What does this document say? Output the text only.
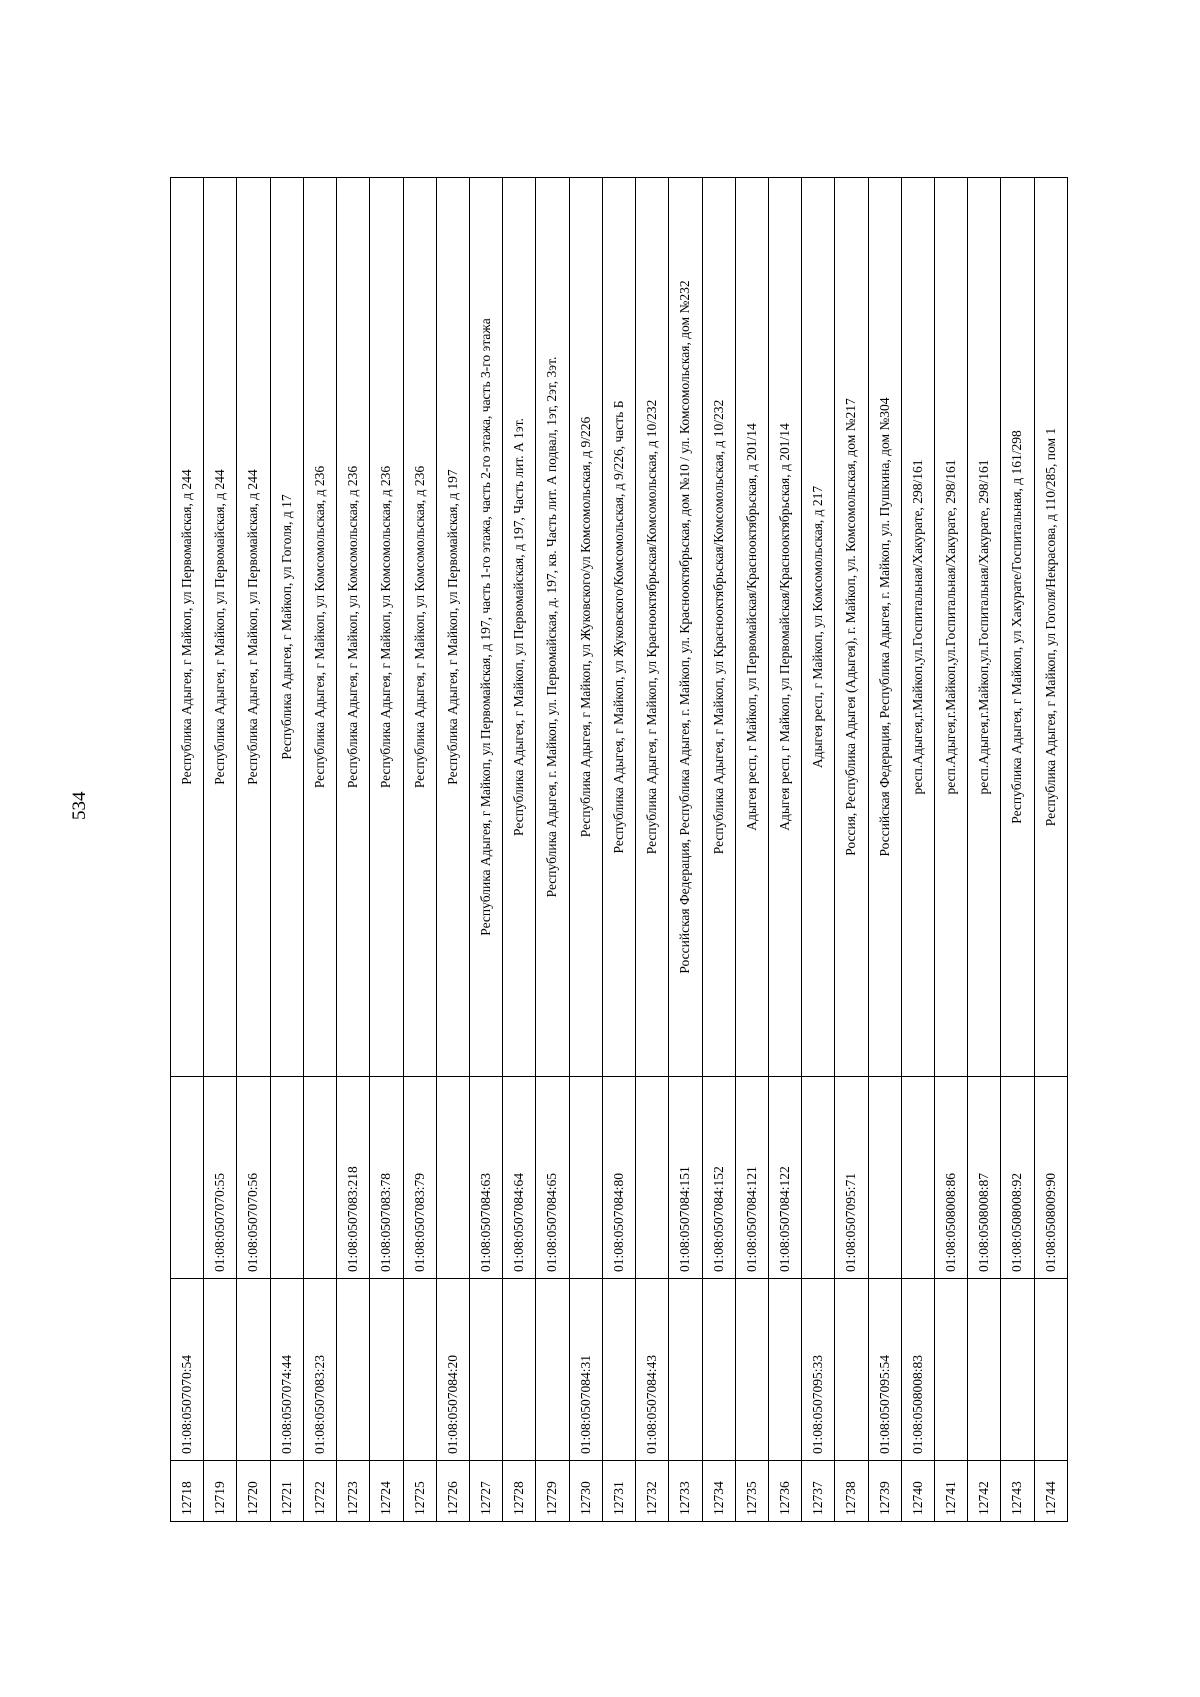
534
12718	01:08:0507070:54		Республика Адыгея, г Майкоп, ул Первомайская, д 244
12719		01:08:0507070:55	Республика Адыгея, г Майкоп, ул Первомайская, д 244
12720		01:08:0507070:56	Республика Адыгея, г Майкоп, ул Первомайская, д 244
12721	01:08:0507074:44		Республика Адыгея, г Майкоп, ул Гоголя, д 17
12722	01:08:0507083:23		Республика Адыгея, г Майкоп, ул Комсомольская, д 236
12723		01:08:0507083:218	Республика Адыгея, г Майкоп, ул Комсомольская, д 236
12724		01:08:0507083:78	Республика Адыгея, г Майкоп, ул Комсомольская, д 236
12725		01:08:0507083:79	Республика Адыгея, г Майкоп, ул Комсомольская, д 236
12726	01:08:0507084:20		Республика Адыгея, г Майкоп, ул Первомайская, д 197
12727		01:08:0507084:63	Республика Адыгея, г Майкоп, ул Первомайская, д 197, часть 1-го этажа, часть 2-го этажа, часть 3-го этажа
12728		01:08:0507084:64	Республика Адыгея, г Майкоп, ул Первомайская, д 197, Часть лит. А 1эт.
12729		01:08:0507084:65	Республика Адыгея, г. Майкоп, ул. Первомайская, д. 197, кв. Часть лит. А подвал, 1эт, 2эт, 3эт.
12730	01:08:0507084:31		Республика Адыгея, г Майкоп, ул Жуковского/ул Комсомольская, д 9/226
12731		01:08:0507084:80	Республика Адыгея, г Майкоп, ул Жуковского/Комсомольская, д 9/226, часть Б
12732	01:08:0507084:43		Республика Адыгея, г Майкоп, ул Краснооктябрьская/Комсомольская, д 10/232
12733		01:08:0507084:151	Российская Федерация, Республика Адыгея, г. Майкоп, ул. Краснооктябрьская, дом №10 / ул. Комсомольская, дом №232
12734		01:08:0507084:152	Республика Адыгея, г Майкоп, ул Краснооктябрьская/Комсомольская, д 10/232
12735		01:08:0507084:121	Адыгея респ, г Майкоп, ул Первомайская/Краснооктябрьская, д 201/14
12736		01:08:0507084:122	Адыгея респ, г Майкоп, ул Первомайская/Краснооктябрьская, д 201/14
12737	01:08:0507095:33		Адыгея респ, г Майкоп, ул Комсомольская, д 217
12738		01:08:0507095:71	Россия, Республика Адыгея (Адыгея), г. Майкоп, ул. Комсомольская, дом №217
12739	01:08:0507095:54		Российская Федерация, Республика Адыгея, г. Майкоп, ул. Пушкина, дом №304
12740	01:08:0508008:83		респ.Адыгея,г.Майкоп,ул.Госпитальная/Хакурате, 298/161
12741		01:08:0508008:86	респ.Адыгея,г.Майкоп,ул.Госпитальная/Хакурате, 298/161
12742		01:08:0508008:87	респ.Адыгея,г.Майкоп,ул.Госпитальная/Хакурате, 298/161
12743		01:08:0508008:92	Республика Адыгея, г Майкоп, ул Хакурате/Госпитальная, д 161/298
12744		01:08:0508009:90	Республика Адыгея, г Майкоп, ул Гоголя/Некрасова, д 110/285, пом 1
